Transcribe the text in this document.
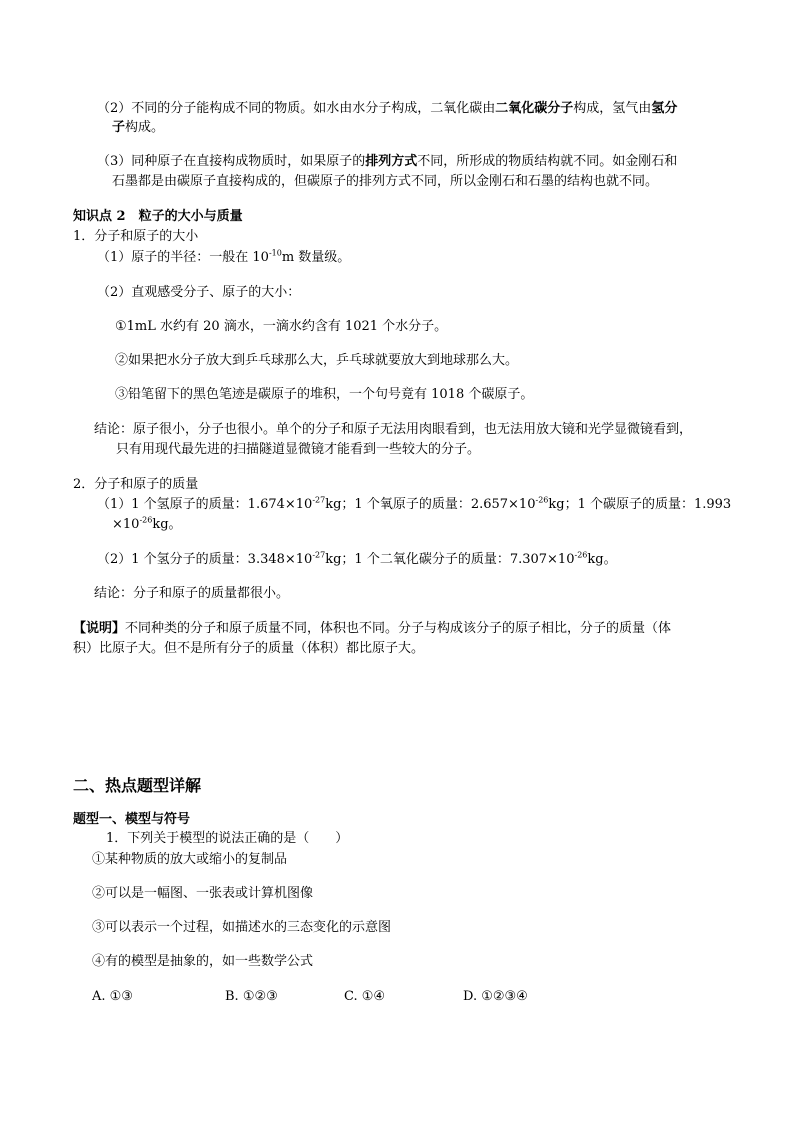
（2）不同的分子能构成不同的物质。如水由水分子构成，二氧化碳由二氧化碳分子构成，氢气由氢分
子构成。
（3）同种原子在直接构成物质时，如果原子的排列方式不同，所形成的物质结构就不同。如金刚石和
石墨都是由碳原子直接构成的，但碳原子的排列方式不同，所以金刚石和石墨的结构也就不同。
知识点 2　粒子的大小与质量
1．分子和原子的大小
（1）原子的半径：一般在 $10^{-10}m$ 数量级。
（2）直观感受分子、原子的大小：
①1mL 水约有 20 滴水，一滴水约含有 1021 个水分子。
②如果把水分子放大到乒乓球那么大，乒乓球就要放大到地球那么大。
③铅笔留下的黑色笔迹是碳原子的堆积，一个句号竟有 1018 个碳原子。
结论：原子很小，分子也很小。单个的分子和原子无法用肉眼看到，也无法用放大镜和光学显微镜看到，
只有用现代最先进的扫描隧道显微镜才能看到一些较大的分子。
2．分子和原子的质量
（1）1 个氢原子的质量：$1.674\times 10^{-27}kg$；1 个氧原子的质量：$2.657\times 10^{-26}kg$；1 个碳原子的质量：1.993
$\times 10^{-26}kg$。
（2）1 个氢分子的质量：$3.348\times 10^{-27}kg$；1 个二氧化碳分子的质量：$7.307\times 10^{-26}kg$。
结论：分子和原子的质量都很小。
【说明】不同种类的分子和原子质量不同，体积也不同。分子与构成该分子的原子相比，分子的质量（体
积）比原子大。但不是所有分子的质量（体积）都比原子大。
二、热点题型详解
题型一、模型与符号
1．下列关于模型的说法正确的是（　　）
①某种物质的放大或缩小的复制品
②可以是一幅图、一张表或计算机图像
③可以表示一个过程，如描述水的三态变化的示意图
④有的模型是抽象的，如一些数学公式
A. ①③	B. ①②③	C. ①④	D. ①②③④
